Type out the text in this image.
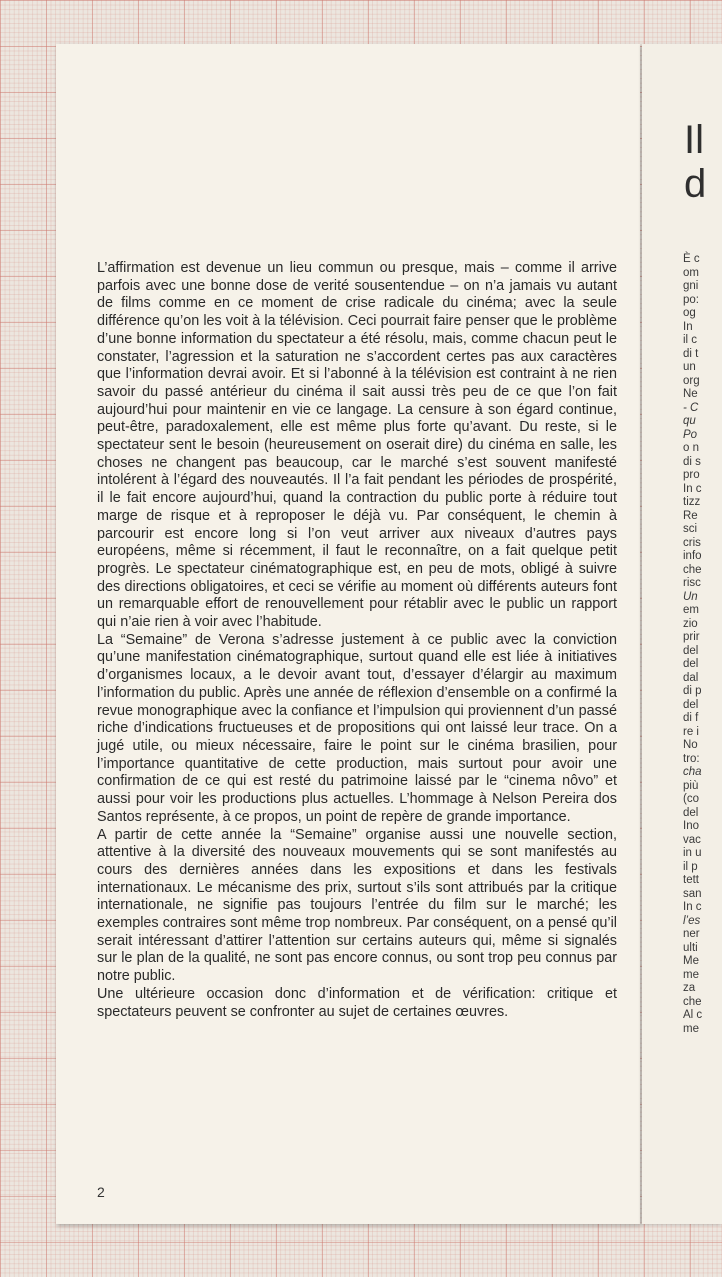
L’affirmation est devenue un lieu commun ou presque, mais – comme il arrive parfois avec une bonne dose de verité sousentendue – on n’a jamais vu autant de films comme en ce moment de crise radicale du cinéma; avec la seule différence qu’on les voit à la télévision. Ceci pourrait faire penser que le problème d’une bonne information du spectateur a été résolu, mais, comme chacun peut le constater, l’agression et la saturation ne s’accordent certes pas aux caractères que l’information devrai avoir. Et si l’abonné à la télévision est contraint à ne rien savoir du passé antérieur du cinéma il sait aussi très peu de ce que l’on fait aujourd’hui pour maintenir en vie ce langage. La censure à son égard continue, peut-être, paradoxalement, elle est même plus forte qu’avant. Du reste, si le spectateur sent le besoin (heureusement on oserait dire) du cinéma en salle, les choses ne changent pas beaucoup, car le marché s’est souvent manifesté intolérent à l’égard des nouveautés. Il l’a fait pendant les périodes de prospérité, il le fait encore aujourd’hui, quand la contraction du public porte à réduire tout marge de risque et à reproposer le déjà vu. Par conséquent, le chemin à parcourir est encore long si l’on veut arriver aux niveaux d’autres pays européens, même si récemment, il faut le reconnaître, on a fait quelque petit progrès. Le spectateur cinématographique est, en peu de mots, obligé à suivre des directions obligatoires, et ceci se vérifie au moment où différents auteurs font un remarquable effort de renouvellement pour rétablir avec le public un rapport qui n’aie rien à voir avec l’habitude.

La “Semaine” de Verona s’adresse justement à ce public avec la conviction qu’une manifestation cinématographique, surtout quand elle est liée à initiatives d’organismes locaux, a le devoir avant tout, d’essayer d’élargir au maximum l’information du public. Après une année de réflexion d’ensemble on a confirmé la revue monographique avec la confiance et l’impulsion qui proviennent d’un passé riche d’indications fructueuses et de propositions qui ont laissé leur trace. On a jugé utile, ou mieux nécessaire, faire le point sur le cinéma brasilien, pour l’importance quantitative de cette production, mais surtout pour avoir une confirmation de ce qui est resté du patrimoine laissé par le “cinema nôvo” et aussi pour voir les productions plus actuelles. L’hommage à Nelson Pereira dos Santos représente, à ce propos, un point de repère de grande importance.

A partir de cette année la “Semaine” organise aussi une nouvelle section, attentive à la diversité des nouveaux mouvements qui se sont manifestés au cours des dernières années dans les expositions et dans les festivals internationaux. Le mécanisme des prix, surtout s’ils sont attribués par la critique internationale, ne signifie pas toujours l’entrée du film sur le marché; les exemples contraires sont même trop nombreux. Par conséquent, on a pensé qu’il serait intéressant d’attirer l’attention sur certains auteurs qui, même si signalés sur le plan de la qualité, ne sont pas encore connus, ou sont trop peu connus par notre public.

Une ultérieure occasion donc d’information et de vérification: critique et spectateurs peuvent se confronter au sujet de certaines œuvres.

2
Il
d
È c
om
gni
po:
og
In
il c
di t
un
org
Ne
- C
qu
Po
o n
di s
pro
In c
tizz
Re
sci
cris
info
che
risc
Un
em
zio
prir
del
del
dal
di p
del
di f
re i
No
tro:
cha
più
(co
del
Ino
vac
in u
il p
tett
san
In c
l’es
ner
ulti
Me
me
za
che
Al c
me
